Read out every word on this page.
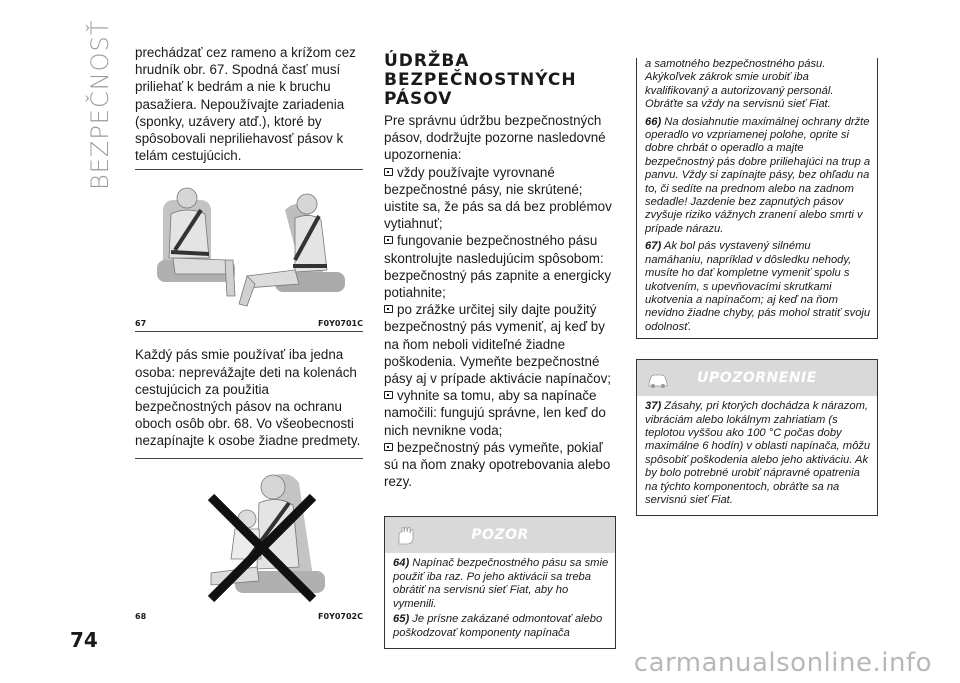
BEZPEČNOSŤ prechádzať cez rameno a krížom cez hrudník obr. 67. Spodná časť musí priliehať k bedrám a nie k bruchu pasažiera. Nepoužívajte zariadenia (sponky, uzávery atď.), ktoré by spôsobovali nepriliehavosť pásov k telám cestujúcich.

67	F0Y0701C

Každý pás smie používať iba jedna osoba: neprevážajte deti na kolenách cestujúcich za použitia bezpečnostných pásov na ochranu oboch osôb obr. 68. Vo všeobecnosti nezapínajte k osobe žiadne predmety.

68	F0Y0702C
ÚDRŽBA
BEZPEČNOSTNÝCH
PÁSOV

Pre správnu údržbu bezpečnostných pásov, dodržujte pozorne nasledovné upozornenia:

vždy používajte vyrovnané bezpečnostné pásy, nie skrútené; uistite sa, že pás sa dá bez problémov vytiahnuť;

fungovanie bezpečnostného pásu skontrolujte nasledujúcim spôsobom: bezpečnostný pás zapnite a energicky potiahnite;

po zrážke určitej sily dajte použitý bezpečnostný pás vymeniť, aj keď by na ňom neboli viditeľné žiadne poškodenia. Vymeňte bezpečnostné pásy aj v prípade aktivácie napínačov;

vyhnite sa tomu, aby sa napínače namočili: fungujú správne, len keď do nich nevnikne voda;

bezpečnostný pás vymeňte, pokiaľ sú na ňom znaky opotrebovania alebo rezy.

POZOR

64) Napínač bezpečnostného pásu sa smie použiť iba raz. Po jeho aktivácii sa treba obrátiť na servisnú sieť Fiat, aby ho vymenili.

65) Je prísne zakázané odmontovať alebo poškodzovať komponenty napínača

a samotného bezpečnostného pásu. Akýkoľvek zákrok smie urobiť iba kvalifikovaný a autorizovaný personál. Obráťte sa vždy na servisnú sieť Fiat.

66) Na dosiahnutie maximálnej ochrany držte operadlo vo vzpriamenej polohe, oprite si dobre chrbát o operadlo a majte bezpečnostný pás dobre priliehajúci na trup a panvu. Vždy si zapínajte pásy, bez ohľadu na to, či sedíte na prednom alebo na zadnom sedadle! Jazdenie bez zapnutých pásov zvyšuje riziko vážnych zranení alebo smrti v prípade nárazu.

67) Ak bol pás vystavený silnému namáhaniu, napríklad v dôsledku nehody, musíte ho dať kompletne vymeniť spolu s ukotvením, s upevňovacími skrutkami ukotvenia a napínačom; aj keď na ňom nevidno žiadne chyby, pás mohol stratiť svoju odolnosť.

UPOZORNENIE

37) Zásahy, pri ktorých dochádza k nárazom, vibráciám alebo lokálnym zahriatiam (s teplotou vyššou ako 100 °C počas doby maximálne 6 hodín) v oblasti napínača, môžu spôsobiť poškodenia alebo jeho aktiváciu. Ak by bolo potrebné urobiť nápravné opatrenia na týchto komponentoch, obráťte sa na servisnú sieť Fiat.

74
carmanualsonline.info
